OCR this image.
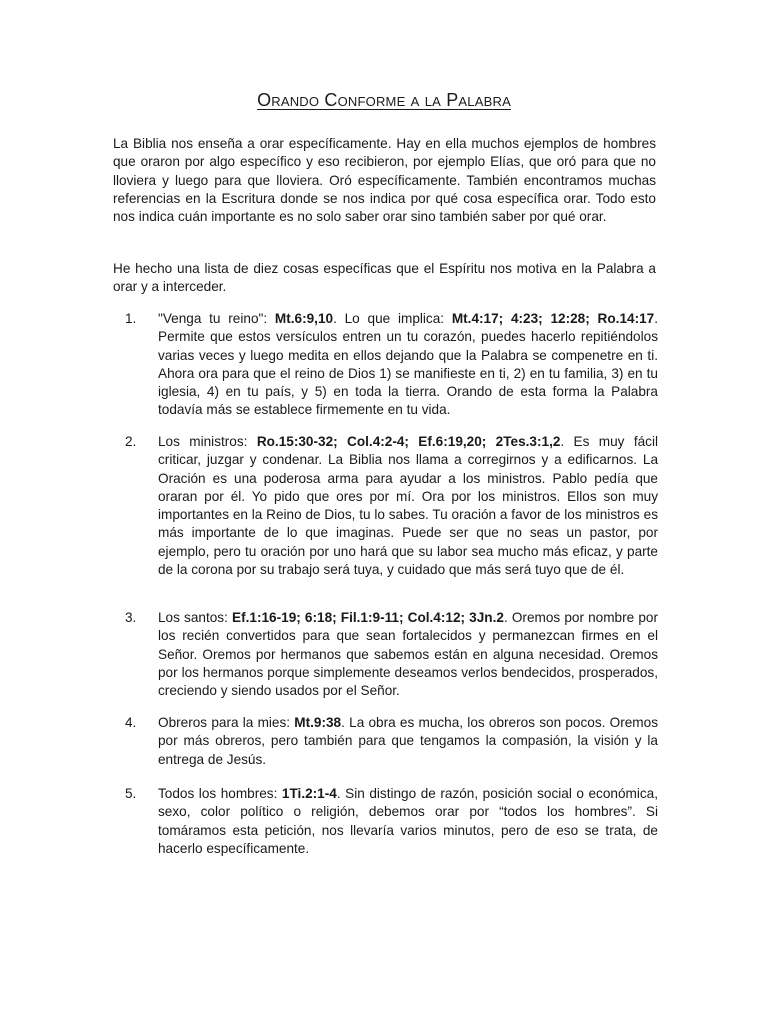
Orando Conforme a la Palabra

La Biblia nos enseña a orar específicamente. Hay en ella muchos ejemplos de hombres que oraron por algo específico y eso recibieron, por ejemplo Elías, que oró para que no lloviera y luego para que lloviera. Oró específicamente. También encontramos muchas referencias en la Escritura donde se nos indica por qué cosa específica orar. Todo esto nos indica cuán importante es no solo saber orar sino también saber por qué orar.

He hecho una lista de diez cosas específicas que el Espíritu nos motiva en la Palabra a orar y a interceder.

1. "Venga tu reino": Mt.6:9,10. Lo que implica: Mt.4:17; 4:23; 12:28; Ro.14:17. Permite que estos versículos entren un tu corazón, puedes hacerlo repitiéndolos varias veces y luego medita en ellos dejando que la Palabra se compenetre en ti. Ahora ora para que el reino de Dios 1) se manifieste en ti, 2) en tu familia, 3) en tu iglesia, 4) en tu país, y 5) en toda la tierra. Orando de esta forma la Palabra todavía más se establece firmemente en tu vida.

2. Los ministros: Ro.15:30-32; Col.4:2-4; Ef.6:19,20; 2Tes.3:1,2. Es muy fácil criticar, juzgar y condenar. La Biblia nos llama a corregirnos y a edificarnos. La Oración es una poderosa arma para ayudar a los ministros. Pablo pedía que oraran por él. Yo pido que ores por mí. Ora por los ministros. Ellos son muy importantes en la Reino de Dios, tu lo sabes. Tu oración a favor de los ministros es más importante de lo que imaginas. Puede ser que no seas un pastor, por ejemplo, pero tu oración por uno hará que su labor sea mucho más eficaz, y parte de la corona por su trabajo será tuya, y cuidado que más será tuyo que de él.

3. Los santos: Ef.1:16-19; 6:18; Fil.1:9-11; Col.4:12; 3Jn.2. Oremos por nombre por los recién convertidos para que sean fortalecidos y permanezcan firmes en el Señor. Oremos por hermanos que sabemos están en alguna necesidad. Oremos por los hermanos porque simplemente deseamos verlos bendecidos, prosperados, creciendo y siendo usados por el Señor.

4. Obreros para la mies: Mt.9:38. La obra es mucha, los obreros son pocos. Oremos por más obreros, pero también para que tengamos la compasión, la visión y la entrega de Jesús.

5. Todos los hombres: 1Ti.2:1-4. Sin distingo de razón, posición social o económica, sexo, color político o religión, debemos orar por “todos los hombres”. Si tomáramos esta petición, nos llevaría varios minutos, pero de eso se trata, de hacerlo específicamente.
